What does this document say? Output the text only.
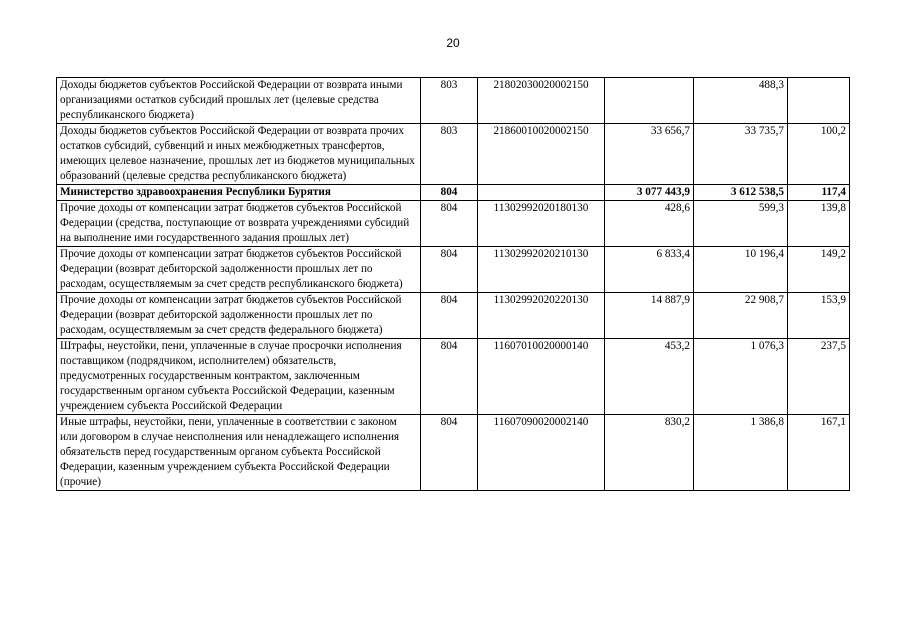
20
Доходы бюджетов субъектов Российской Федерации от возврата иными организациями остатков субсидий прошлых лет (целевые средства республиканского бюджета)	803	21802030020002150		488,3	
Доходы бюджетов субъектов Российской Федерации от возврата прочих остатков субсидий, субвенций и иных межбюджетных трансфертов, имеющих целевое назначение, прошлых лет из бюджетов муниципальных образований (целевые средства республиканского бюджета)	803	21860010020002150	33 656,7	33 735,7	100,2
Министерство здравоохранения Республики Бурятия	804		3 077 443,9	3 612 538,5	117,4
Прочие доходы от компенсации затрат бюджетов субъектов Российской Федерации (средства, поступающие от возврата учреждениями субсидий на выполнение ими государственного задания прошлых лет)	804	11302992020180130	428,6	599,3	139,8
Прочие доходы от компенсации затрат бюджетов субъектов Российской Федерации (возврат дебиторской задолженности прошлых лет по расходам, осуществляемым за счет средств республиканского бюджета)	804	11302992020210130	6 833,4	10 196,4	149,2
Прочие доходы от компенсации затрат бюджетов субъектов Российской Федерации (возврат дебиторской задолженности прошлых лет по расходам, осуществляемым за счет средств федерального бюджета)	804	11302992020220130	14 887,9	22 908,7	153,9
Штрафы, неустойки, пени, уплаченные в случае просрочки исполнения поставщиком (подрядчиком, исполнителем) обязательств, предусмотренных государственным контрактом, заключенным государственным органом субъекта Российской Федерации, казенным учреждением субъекта Российской Федерации	804	11607010020000140	453,2	1 076,3	237,5
Иные штрафы, неустойки, пени, уплаченные в соответствии с законом или договором в случае неисполнения или ненадлежащего исполнения обязательств перед государственным органом субъекта Российской Федерации, казенным учреждением субъекта Российской Федерации (прочие)	804	11607090020002140	830,2	1 386,8	167,1
